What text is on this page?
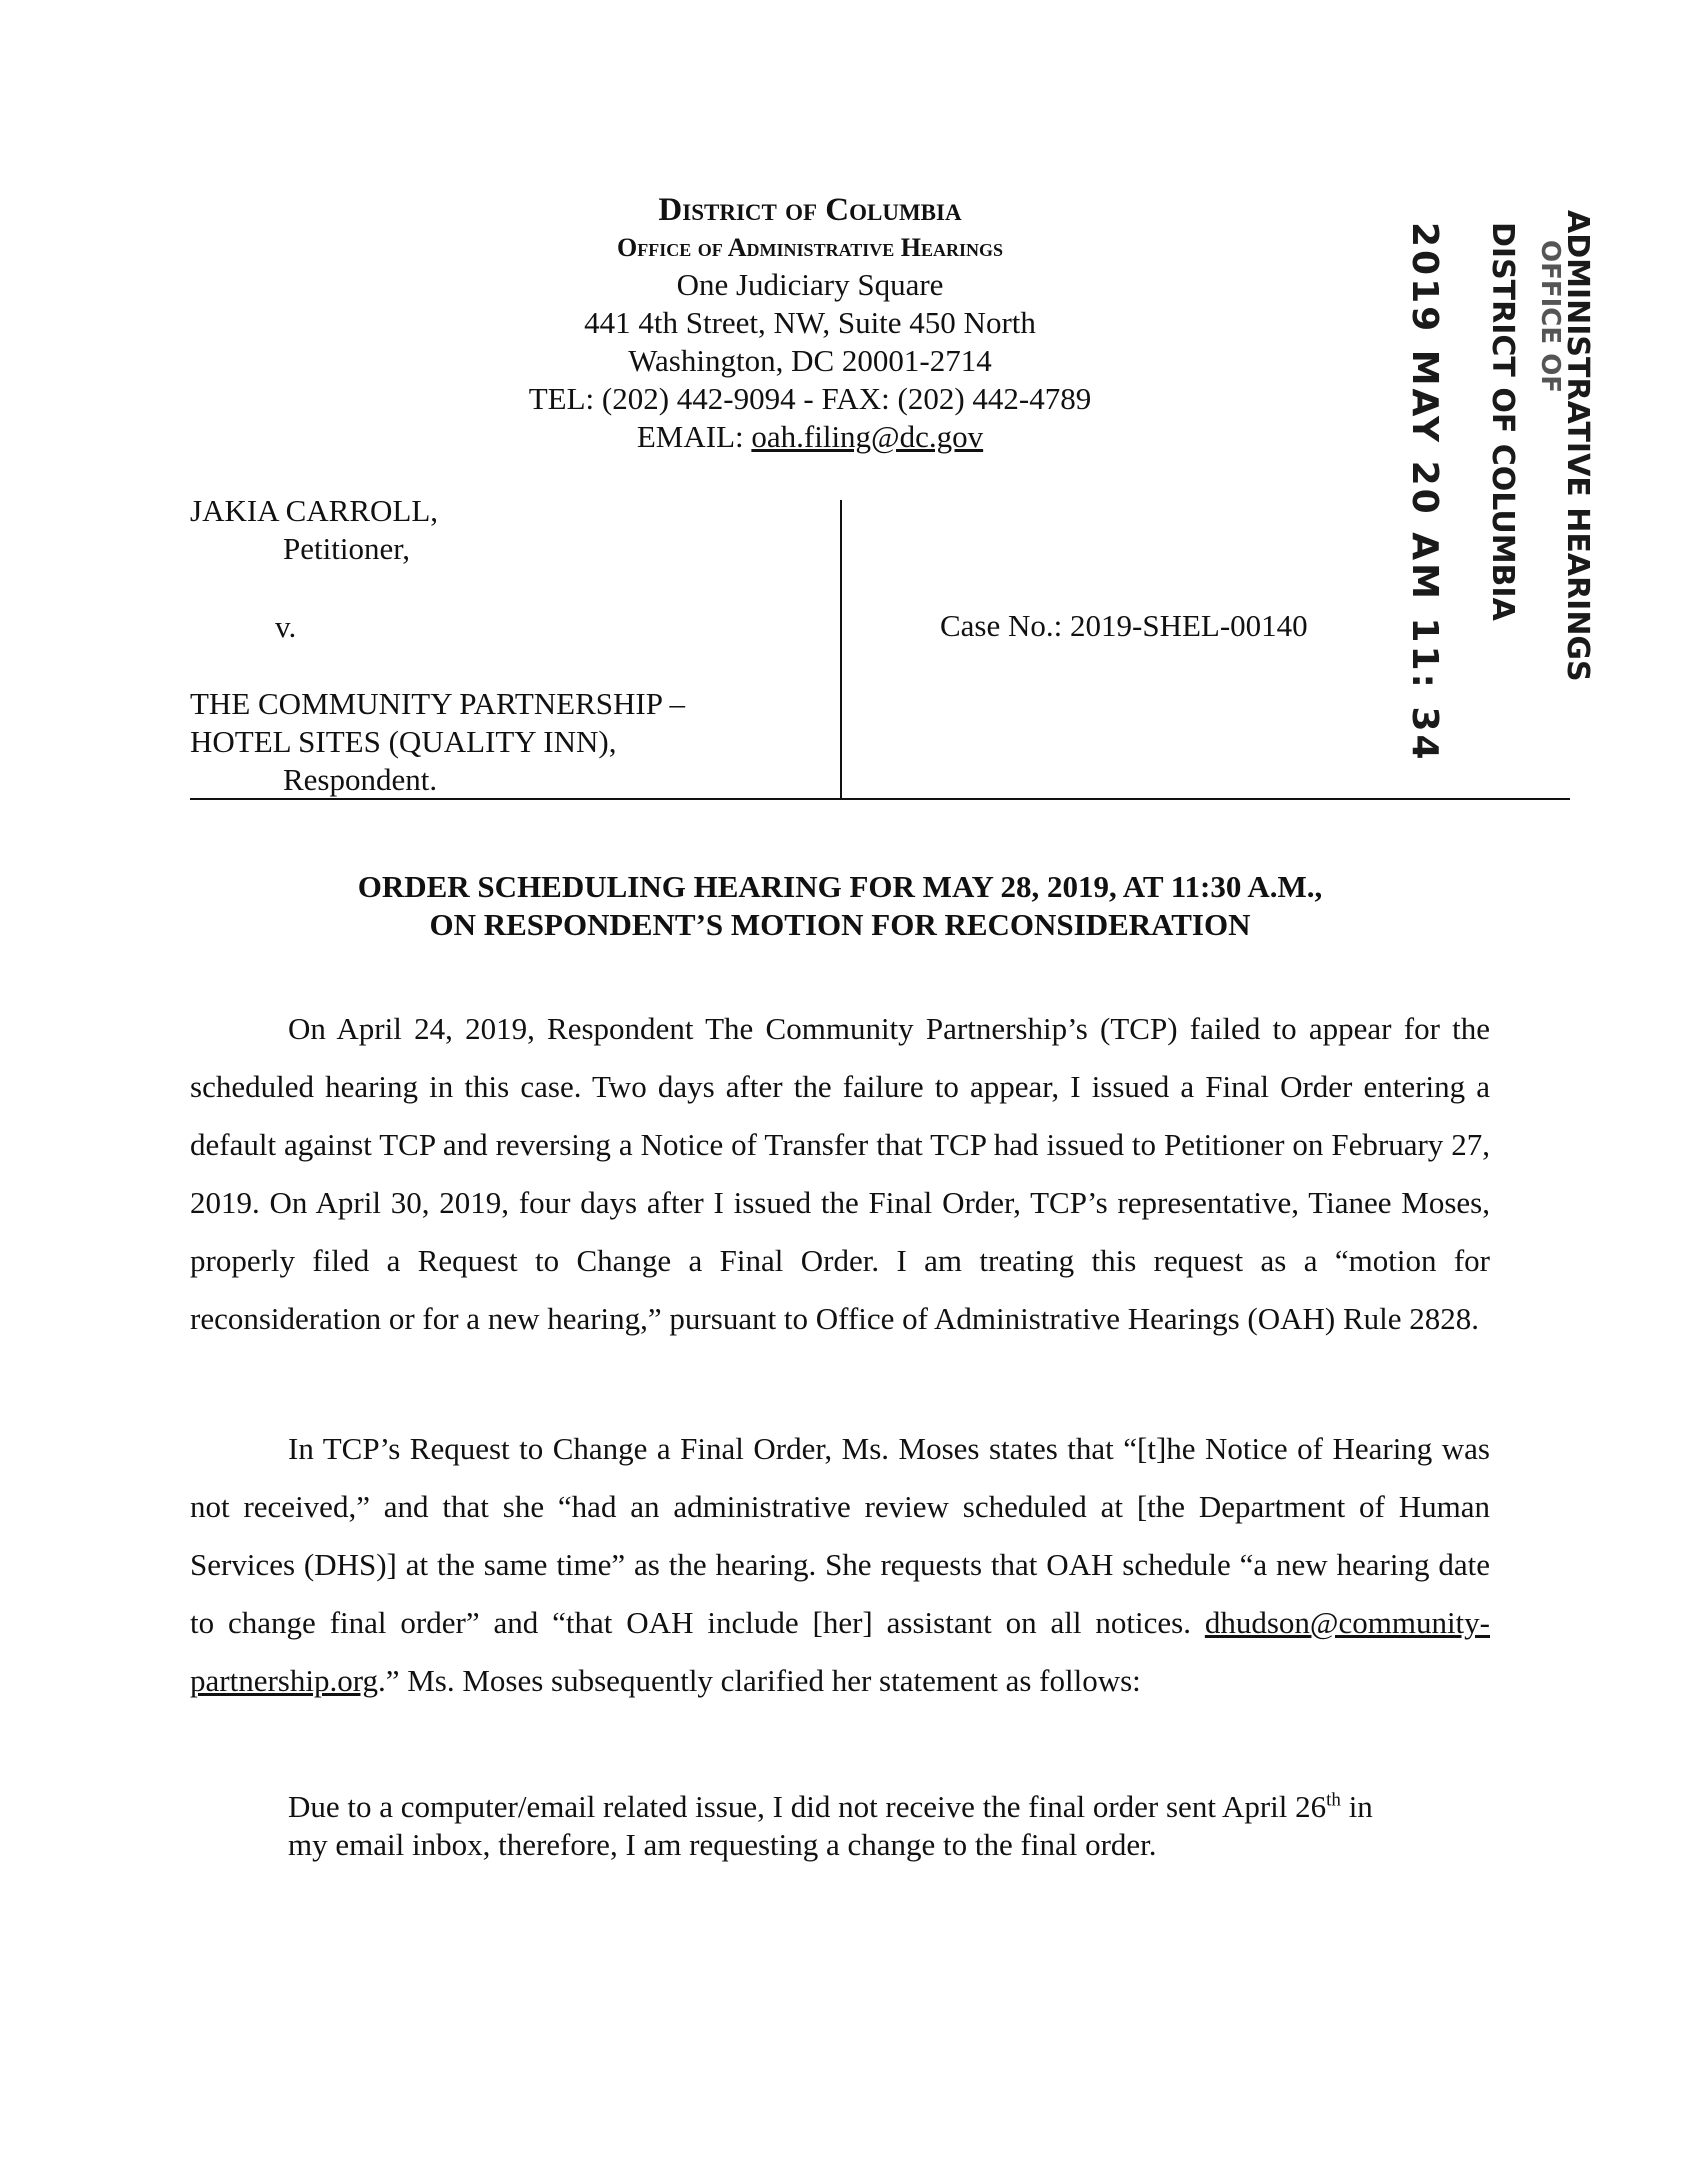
District of Columbia
Office of Administrative Hearings
One Judiciary Square
441 4th Street, NW, Suite 450 North
Washington, DC 20001-2714
TEL: (202) 442-9094 - FAX: (202) 442-4789
EMAIL: oah.filing@dc.gov	2019 MAY 20 AM 11: 34 DISTRICT OF COLUMBIA OFFICE OF
ADMINISTRATIVE HEARINGS
JAKIA CARROLL,
Petitioner,
v.
THE COMMUNITY PARTNERSHIP –
HOTEL SITES (QUALITY INN),
Respondent.
Case No.: 2019-SHEL-00140
ORDER SCHEDULING HEARING FOR MAY 28, 2019, AT 11:30 A.M.,
ON RESPONDENT’S MOTION FOR RECONSIDERATION
On April 24, 2019, Respondent The Community Partnership’s (TCP) failed to appear for the scheduled hearing in this case. Two days after the failure to appear, I issued a Final Order entering a default against TCP and reversing a Notice of Transfer that TCP had issued to Petitioner on February 27, 2019. On April 30, 2019, four days after I issued the Final Order, TCP’s representative, Tianee Moses, properly filed a Request to Change a Final Order. I am treating this request as a “motion for reconsideration or for a new hearing,” pursuant to Office of Administrative Hearings (OAH) Rule 2828.
In TCP’s Request to Change a Final Order, Ms. Moses states that “[t]he Notice of Hearing was not received,” and that she “had an administrative review scheduled at [the Department of Human Services (DHS)] at the same time” as the hearing. She requests that OAH schedule “a new hearing date to change final order” and “that OAH include [her] assistant on all notices. dhudson@community-partnership.org.” Ms. Moses subsequently clarified her statement as follows:
Due to a computer/email related issue, I did not receive the final order sent April 26th in my email inbox, therefore, I am requesting a change to the final order.
